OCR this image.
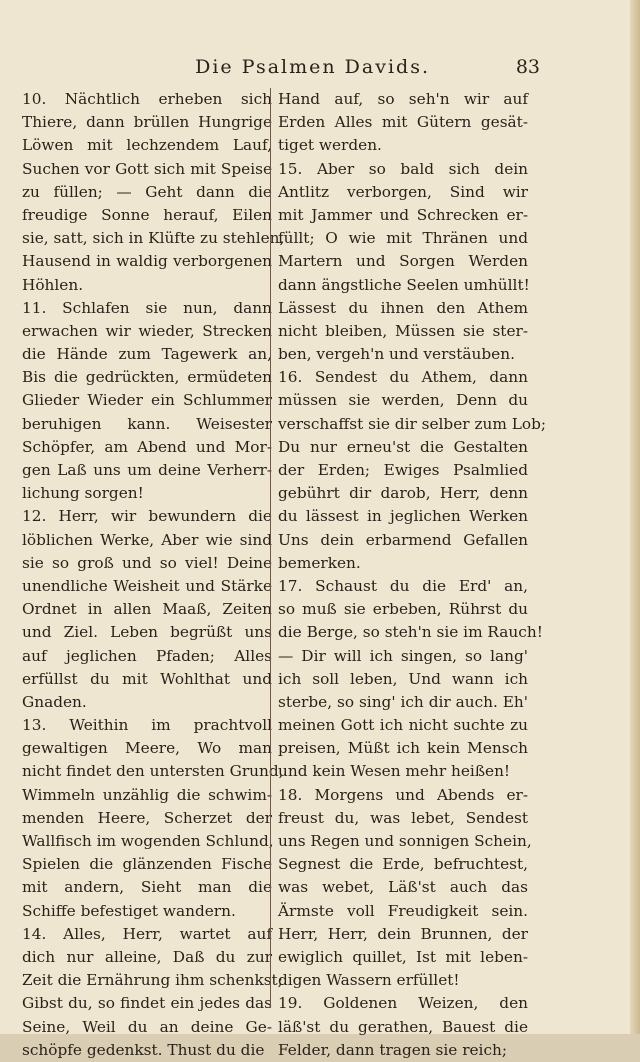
Die Psalmen Davids.	83
10. Nächtlich erheben sich
Thiere, dann brüllen Hungrige
Löwen mit lechzendem Lauf,
Suchen vor Gott sich mit Speise
zu füllen; — Geht dann die
freudige Sonne herauf, Eilen
sie, satt, sich in Klüfte zu stehlen,
Hausend in waldig verborgenen
Höhlen.
11. Schlafen sie nun, dann
erwachen wir wieder, Strecken
die Hände zum Tagewerk an,
Bis die gedrückten, ermüdeten
Glieder Wieder ein Schlummer
beruhigen kann. Weisester
Schöpfer, am Abend und Mor-
gen Laß uns um deine Verherr-
lichung sorgen!
12. Herr, wir bewundern die
löblichen Werke, Aber wie sind
sie so groß und so viel! Deine
unendliche Weisheit und Stärke
Ordnet in allen Maaß, Zeiten
und Ziel. Leben begrüßt uns
auf jeglichen Pfaden; Alles
erfüllst du mit Wohlthat und
Gnaden.
13. Weithin im prachtvoll
gewaltigen Meere, Wo man
nicht findet den untersten Grund,
Wimmeln unzählig die schwim-
menden Heere, Scherzet der
Wallfisch im wogenden Schlund,
Spielen die glänzenden Fische
mit andern, Sieht man die
Schiffe befestiget wandern.
14. Alles, Herr, wartet auf
dich nur alleine, Daß du zur
Zeit die Ernährung ihm schenkst;
Gibst du, so findet ein jedes das
Seine, Weil du an deine Ge-
schöpfe gedenkst. Thust du die
Hand auf, so seh'n wir auf
Erden Alles mit Gütern gesät-
tiget werden.
15. Aber so bald sich dein
Antlitz verborgen, Sind wir
mit Jammer und Schrecken er-
füllt; O wie mit Thränen und
Martern und Sorgen Werden
dann ängstliche Seelen umhüllt!
Lässest du ihnen den Athem
nicht bleiben, Müssen sie ster-
ben, vergeh'n und verstäuben.
16. Sendest du Athem, dann
müssen sie werden, Denn du
verschaffst sie dir selber zum Lob;
Du nur erneu'st die Gestalten
der Erden; Ewiges Psalmlied
gebührt dir darob, Herr, denn
du lässest in jeglichen Werken
Uns dein erbarmend Gefallen
bemerken.
17. Schaust du die Erd' an,
so muß sie erbeben, Rührst du
die Berge, so steh'n sie im Rauch!
— Dir will ich singen, so lang'
ich soll leben, Und wann ich
sterbe, so sing' ich dir auch. Eh'
meinen Gott ich nicht suchte zu
preisen, Müßt ich kein Mensch
und kein Wesen mehr heißen!
18. Morgens und Abends er-
freust du, was lebet, Sendest
uns Regen und sonnigen Schein,
Segnest die Erde, befruchtest,
was webet, Läß'st auch das
Ärmste voll Freudigkeit sein.
Herr, Herr, dein Brunnen, der
ewiglich quillet, Ist mit leben-
digen Wassern erfüllet!
19. Goldenen Weizen, den
läß'st du gerathen, Bauest die
Felder, dann tragen sie reich;
